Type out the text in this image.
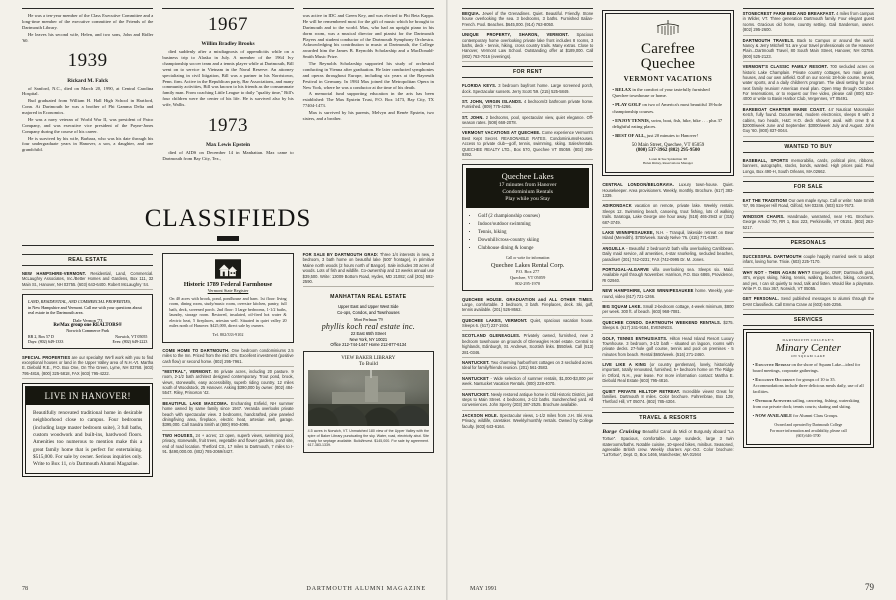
He was a ten-year member of the Class Executive Committee and a long-time member of the executive committee of the Friends of the Dartmouth Library.

He leaves his second wife, Helen, and two sons, John and Ridler '60.

1939
Rickard M. Falck

of Sanford, N.C., died on March 20, 1990, at Central Carolina Hospital.

Bud graduated from William H. Hall High School in Hartford, Conn. At Dartmouth he was a brother of Phi Gamma Delta and majored in Economics.

He was a navy veteran of World War II, was president of Patco Company, and was executive vice president of the Payne-Jones Company during the course of his career.

He is survived by his wife, Barbara, who was his date through his four undergraduate years in Hanover, a son, a daughter, and one grandchild.

1967
Willim Bradley Brooks

died suddenly after a misdiagnosis of appendicitis while on a business trip to Alaska in July. A member of the 1964 Ivy championship soccer team and a tennis player while at Dartmouth, Bill went on to service in Vietnam in the Naval Reserve. An attorney specializing in civil litigation, Bill was a partner in his Norristown, Penn. firm. Active in the Republican party, Bar Associations, and many community activities, Bill was known to his friends as the consummate family man. From coaching Little League to daily "quality time," Bill's four children were the center of his life. He is survived also by his wife, Wallis.

1973
Max Lewis Epstein

died of AIDS on December 14 in Manhattan. Max came to Dartmouth from Bay City, Tex.,

was active in IDC and Green Key, and was elected to Phi Beta Kappa. He will be remembered most for the gift of music which he brought to Dartmouth and to the world. Max, who had an upright piano in his dorm room, was a musical director and pianist for the Dartmouth Players and student conductor of the Dartmouth Symphony Orchestra. Acknowledging his contribution to music at Dartmouth, the College awarded him the James B. Reynolds Scholarship and a MacDonald-Smith Music Prize.

The Reynolds Scholarship supported his study of orchestral conducting in Vienna after graduation. He later conducted symphonies and operas throughout Europe, including six years at the Bayreuth Festival in Germany. In 1984 Max joined the Metropolitan Opera in New York, where he was a conductor at the time of his death.

A memorial fund supporting education in the arts has been established: The Max Epstein Trust, P.O. Box 1473, Bay City, TX 77404-1473.

Max is survived by his parents, Melvyn and Renée Epstein, two sisters, and a brother.

CLASSIFIEDS
REAL ESTATE
NEW HAMPSHIRE-VERMONT. Residential, Land, Commercial. McLaughry Associates, Inc./Better Homes and Gardens, Box 111, 32 Main St., Hanover, NH 03755. (603) 643-6400. Robert McLaughry '44.
LAND, RESIDENTIAL, AND COMMERCIAL PROPERTIES,
in New Hampshire and Vermont. Call me with your questions about real estate in the Dartmouth area.
Dale Vernon '73
Re/Max group one REALTORS®
Norwich Commerce Park
RR 2, Box 57 D	Norwich, VT 05055
Days: (802) 649-1333	Eves: (802) 649-2223
SPECIAL PROPERTIES are our specialty! We'll work with you to find exceptional houses or land in the Upper Valley area of N.H.-Vt. Martha E. Diebold R.E., P.O. Box One, On The Green, Lyme, NH 03768. (603) 795-4816, (800) 325-5818, FAX (603) 795-4222.
LIVE IN HANOVER!
Beautifully renovated traditional home in desirable neighborhood close to campus. Four bedrooms (including large master bedroom suite), 3 full baths, custom woodwork and built-ins, hardwood floors. Amenities too numerous to mention make this a great family home that is perfect for entertaining. $515,000. For sale by owner. Serious inquiries only. Write to Box 11, c/o Dartmouth Alumni Magazine.
Historic 1789 Federal Farmhouse
Vermont State Register
On 40 acres with brook, pond, pondhouse and barn. 1st floor: living room, dining room, study/music room, oversize kitchen, pantry, full bath, deck, screened porch. 2nd floor: 3 large bedrooms, 1-1/2 baths, laundry, storage room. Restored, insulated, oil-fired hot water & electric heat, 5 fireplaces, artesian well. Situated in quiet valley 20 miles north of Hanover. $425,000, direct sale by owners.
Tel. 802/333-9102
COME HOME TO DARTMOUTH. One bedroom condominiums 2.5 miles to the Inn. Priced from the mid 40's. Excellent investment (positive cash flow) or second home. (802) 295-7961.
"MISTRAL", VERMONT. 86 private acres, including 20 pasture. 9 room, 2-1/2 bath architect designed contemporary. Trout pond, brook, views, stonewalls, easy accessibility, superb riding country. 12 miles south of Woodstock, 25 Hanover. Asking $390,000 by owner. (802) 484-5547. Riley, Princeton '42.
BEAUTIFUL LAKE MASCOMA. Enchanting Enfield, NH summer home owned by same family since 1947. Veranda overlooks private beach with spectacular view. 3 bedrooms, handcrafted, pine paneled dining/living area, fireplace, electric heat, artesian well, garage. $395,000. Call Sandra Smith at (800) 950-4095.
TWO HOUSES, 24 + acres; 13 open, superb views, swimming pool, privacy, stonewalls, fruit trees, vegetable and flower gardens, pond site, end of road location. Thetford Ctr., 17 miles to Dartmouth, 7 miles to I-91. $490,000.00. (802) 785-2069/4427.
FOR SALE BY DARTMOUTH GRAD: Three 1/4 interests in new, 3 bedroom, 3 bath home on beautiful lake (500' frontage), in primitive Maine north woods (2 hours north of Bangor). Sale includes 30 acres of woods. Lots of fish and wildlife. Co-ownership and 13 weeks annual use $39,500. Write: 13009 Bottom Road, Hydes, MD 21082; call (301) 592-2590.
MANHATTAN REAL ESTATE
Upper East and Upper West Side
Co-ops, Condos, and Townhouses
Mort Perlman '79
phyllis koch real estate inc.
22 East 65th Street
New York, NY 10021
Office 212-744-1447 Home 212-877-6134
VIEW BAKER LIBRARY
To Build
4.5 acres in Norwich, VT. Unmatched 180 view of the Upper Valley with the spire of Baker Library punctuating the sky. Water, road, electricity abut. Site ready for septage available. Build/invest. $145,000. For sale by agreement. 617-383-1339.
78	DARTMOUTH ALUMNI MAGAZINE
BEQUIA. Jewel of the Grenadines. Quiet. Beautiful. Friendly. Stone house overlooking the sea. 3 bedrooms, 3 baths. Furnished Italian-French. Pool. Beaches. $645,000. (914) 763-8050.
UNIQUE PROPERTY, SHARON, VERMONT. Spacious contemporary home overlooking private lake front includes 8 rooms, 3 baths, deck - tennis, hiking, cross country trails. Many extras. Close to Hanover, Vermont Law School. Outstanding offer at $189,000. Call (802) 763-7016 (evenings).
FOR RENT
FLORIDA KEYS. 3 bedroom bayfront home. Large screened porch, dock. Spectacular sunsets. Jerry Scott '59. (215) 525-5849.
ST. JOHN, VIRGIN ISLANDS. 4 bedroom/3 bathroom private home. Furnished. (809) 775-4266.
ST. JOHN. 2 bedrooms, pool, spectacular view, quiet elegance. Off-season rates. (508) 668-2078.
VERMONT VACATIONS AT QUECHEE. Come experience Vermont's Best Kept Secret. REASONABLE RATES. Condominiums/Houses. Access to private club—golf, tennis, swimming, skiing. Sales/rentals. QUECHEE REALTY LTD., Box 570, Quechee VT 05059. (802) 295-9392.
Quechee Lakes
17 minutes from Hanover
Condominium Rentals
Play while you Stay
• Golf (2 championship courses)
• Indoor/outdoor swimming
• Tennis, hiking
• Downhill/cross-country skiing
• Clubhouse dining & lounge
Call or write for information
Quechee Lakes Rental Corp.
P.O. Box 277
Quechee, VT 05059
802-295-1970
QUECHEE HOUSE. GRADUATION and ALL OTHER TIMES. Large, comfortable. 3 bedroom, 3 bath. Fireplaces, deck. Ski, golf, tennis available. (201) 526-8662.
QUECHEE LAKES, VERMONT. Quiet, spacious vacation house. Sleeps 6. (617) 237-1934.
SCOTLAND GLENEAGLES. Privately owned, furnished, new 2 bedroom townhouse on grounds of Gleneagles Hotel estate. Central to highlands, Edinburgh, St. Andrews, Scottish links. $550/wk. Call (513) 281-0346.
NANTUCKET. Two charming harborfront cottages on 3 secluded acres. Ideal for family/friends reunion. (201) 561-3583.
NANTUCKET - Wide selection of summer rentals, $1,000-$3,000 per week. Nantucket Vacation Rentals. (800) 228-4070.
NANTUCKET. Newly restored antique home in Old Historic District, just steps to Main Street. 4 bedrooms, 2-1/2 baths. Sundrenched yard. All conveniences. John Sperry (203) 387-2525. Brochure available.
JACKSON HOLE. Spectacular views, 1-1/2 miles from J.H. Ski Area. Privacy, wildlife, caretaker. Weekly/monthly rentals. Owned by College faculty. (603) 643-6164.
Carefree Quechee
VERMONT VACATIONS
• RELAX in the comfort of your tastefully furnished Quechee townhouse or home.
• PLAY GOLF on two of America's most beautiful 18-hole championship courses.
• ENJOY TENNIS, swim, boat, fish, hike, bike . . . plus 37 delightful eating places.
• BEST OF ALL, just 20 minutes to Hanover!
50 Main Street, Quechee, VT 05059
(800) 537-3962 (802) 295-9500
Loren & Sue Spiderman '48
Helen Rimey, Reservations Manager
CENTRAL LONDON/BELGRAVIA. Luxury town-house. Quiet. Housekeeper. Area provisioners. Weekly, monthly. Brochure. (617) 383-1339.
ADIRONDACK vacation on remote, private lake. Weekly rentals. Sleeps 12. Swimming beach, canoeing, trout fishing, lots of walking trails. Saratoga, Lake George one hour away. (518) 465-2943 or (315) 687-3749.
LAKE WINNIPESAUKEE, N.H. - Tranquil, lakeside retreat on Bear Island (Meredith). $700/week. Sandy Nelve '76. (415) 771-6397.
ANGUILLA - Beautiful 2 bedroom/2 bath villa overlooking Carribbean. Daily maid service, all amenities, 4-star snorkeling, secluded beaches, paradise!! (301) 742-0231; FAX (742-0995 Dr. M. Jones.
PORTUGAL-ALGARVE villa overlooking sea. Sleeps six. Maid. Available April through November. Harrison, P.O. Box 6865, Providence, RI 02940.
NEW HAMPSHIRE, LAKE WINNIPESAUKEE home. Weekly, year-round, video (617) 721-1266.
BIG SQUAM LAKE. Small 2-bedroom cottage, 4-week minimum, $800 per week. 300 ft. of beach. (603) 968-7081.
QUECHEE CONDO. DARTMOUTH WEEKEND RENTALS. $275. Sleeps 6. (617) 241-9184, EVENINGS.
GOLF, TENNIS ENTHUSIASTS. Hilton Head Island Resort Luxury Townhouse. 3 bedroom, 3-1/2 bath - situated on lagoon, rooms with private decks. 27-hole golf course, tennis and pool on premises - 5 minutes from beach. Rental $650/week. (516) 271-2460.
LIVE LIKE A KING (or country gentleman), lovely, historically important, totally renovated, furnished, 5+ bedroom home on The Ridge in Orford, N.H., year lease. For more information contact: Martha E. Diebold Real Estate (603) 795-4816.
QUIET PRIVATE HILLTOP RETREAT. Incredible views! Great for families. Dartmouth 8 miles. Color brochure. Fahrenbrae, Box 129, Thetford Hill, VT 05074. (802) 785-4304.
TRAVEL & RESORTS
Barge Cruising Beautiful Canal du Midi or Burgundy aboard "La Tortue". Spacious, comfortable. Large sundeck, large 3 twin staterooms/baths. Notable cuisine, 10-speed bikes, minibus. Seasoned, agreeable British crew. Weekly charters Apr.-Oct. Color brochure: "LaTortue", Dept. D, Box 1466, Manchester, MA 01944
STONECREST FARM BED AND BREAKFAST. 4 miles from campus in Wilder, VT. Three generation Dartmouth family. Four elegant guest rooms. Gracious old home, country setting. Gail Sanderson, owner. (802) 295-2600.
DARTMOUTH TRAVELS. Back to Campus or around the world. Nancy & Jerry Mitchell '51 are your travel professionals on the Hanover Plain...Dartmouth Travel, 80 South Main Street, Hanover, NH 03755. (800) 525-2123.
VERMONT'S CLASSIC FAMILY RESORT. 700 secluded acres on historic Lake Champlain. Private country cottages, two main guest houses, and our own airfield. Golf on our scenic 18-hole course, tennis, water sports, and a daily children's program. The ideal setting for your next family reunion! American meal plan. Open May through October. For reservations, or to request our free video, please call (800) 622-4000 or write to Basin Harbor Club, Vergennes, VT 05491.
BAREBOAT CHARTER MAINE COAST. 44' Nauticat Motorsailer Ketch, fully found. Documented, modern electronics, sleeps 8 with 3 cabins, two heads, H&C H.O. deck shower; avail. with crew $ & $2000/week June and September. $3000/week July and August. John Guy '60. (800) 837-0044.
WANTED TO BUY
BASEBALL, SPORTS memorabilia, cards, political pins, ribbons, banners, autographs, stocks, bonds, wanted. High prices paid. Paul Longo, Box 490-H, South Orleans, MA 02662.
FOR SALE
EAT THE TRADITION! Our own maple syrup. Call or write: Nate Smith '67, 95 Steeper Hill Road, Gilford, NH 03246. (603) 524-7673.
WINDSOR CHAIRS. Handmade, warranted, near I-91. Brochure. George Arnold '70, RR 1, Box 223, Perkinsville, VT 05151. (802) 263-5217.
PERSONALS
SUCCESSFUL DARTMOUTH couple happily married seek to adopt infant, loving home. Trixie. (603) 225-7170.
WHY NOT - THEN AGAIN WHY? Energetic, DWF, Dartmouth grad, 40's, enjoys skiing, hiking, tennis, walking, beaches, biking, concerts, and yes, I can sit quietly to read, talk and listen. Would like a playmate. Write P. O. Box 367, Norwich, VT 05055.
GET PERSONAL. Send published messages to alumni through the DAM Classifieds. Call Emma Crane at (603) 646-2256.
SERVICES
DARTMOUTH COLLEGE'S
Minary Center
ON SQUAM LAKE
• Executive Retreat on the shore of Squam Lake—ideal for board meetings, corporate gatherings.
• Exclusive Occupancy for groups of 10 to 35. Accommodations include three delicious meals daily, use of all facilities.
• Outdoor Activities sailing, canoeing, fishing, waterskiing from our private dock; tennis courts; skating and skiing.
• NOW AVAILABLE for Alumni Class Groups.
Owned and operated by Dartmouth College
For more information and availability, please call
(603) 646-3700
MAY 1991	79
